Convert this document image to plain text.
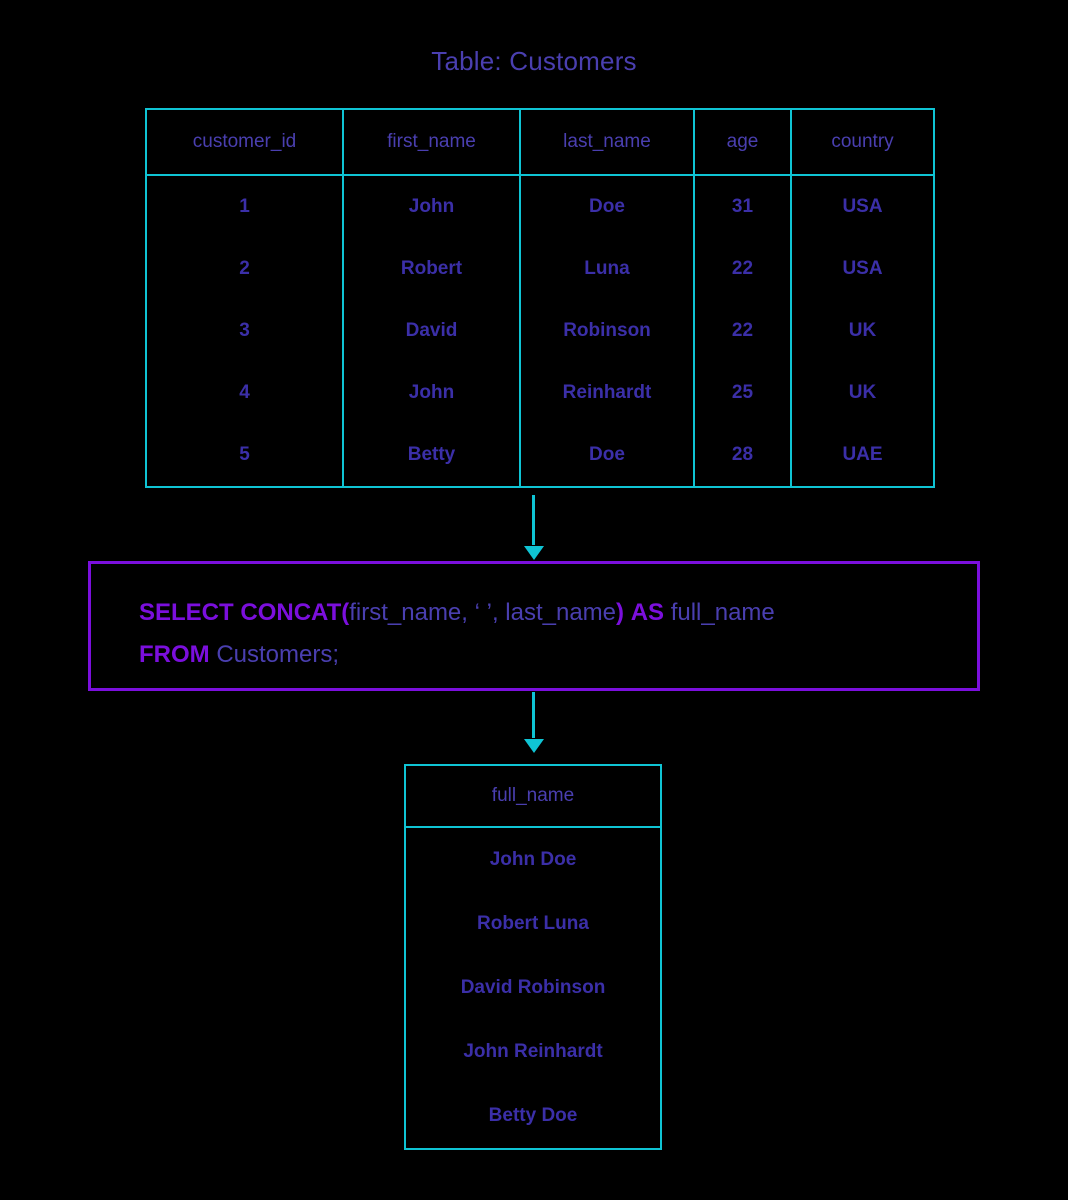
Table: Customers
customer_id	first_name	last_name	age	country
1	John	Doe	31	USA
2	Robert	Luna	22	USA
3	David	Robinson	22	UK
4	John	Reinhardt	25	UK
5	Betty	Doe	28	UAE
SELECT CONCAT(first_name, ‘ ’, last_name) AS full_name
FROM Customers;
full_name
John Doe
Robert Luna
David Robinson
John Reinhardt
Betty Doe
